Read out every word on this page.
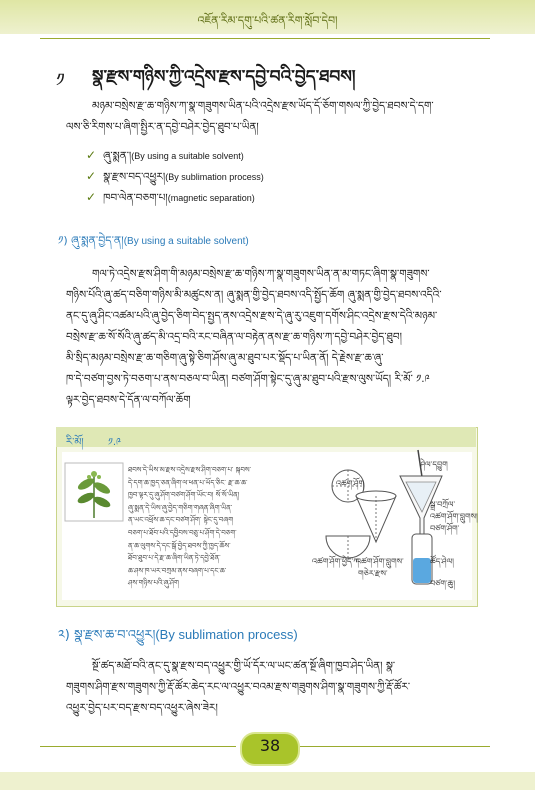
འཇོན་རིམ་དགུ་པའི་ཚན་རིག་སློབ་དེབ།
༡ སྣ་རྫས་གཉིས་ཀྱི་འདྲེས་རྫས་དབྱེ་བའི་བྱེད་ཐབས།

མཉམ་བསྲེས་རྫ་ཆ་གཉིས་ཀ་སྣ་གཟུགས་ཡིན་པའི་འདྲེས་རྫས་ཡོད་དོ་ཅོག་གསལ་ཀྱི་བྱེད་ཐབས་དེ་དག་

ལས་ཅི་རིགས་པ་ཞིག་སྤྱིར་ན་དབྱེ་བཤེར་བྱེད་ཐུབ་པ་ཡིན།

✓ ཞུ་སྨན་།(By using a suitable solvent)
✓ སྣ་རྫས་བད་འཕྱུར།(By sublimation process)
✓ ཁབ་ལེན་བཅག་པ།(magnetic separation)
༡) ཞུ་སྨན་བྱེད་ན།(By using a suitable solvent)

གལ་ཏེ་འདྲེས་རྫས་ཤིག་གི་མཉམ་བསྲེས་རྫ་ཆ་གཉིས་ཀ་སྣ་གཟུགས་ཡིན་ན་མ་གཏང་ཞིག་སྣ་གཟུགས་

གཉིས་པོའི་ཞུ་ཚད་བཅིག་གཉིས་མི་མཚུངས་ན། ཞུ་སྨན་གྱི་བྱེད་ཐབས་འདི་སྤྱོད་ཆོག ཞུ་སྨན་གྱི་བྱེད་ཐབས་འདིའི་

ནང་དུ་ཞུ་ཤིང་འཚམ་པའི་ཞུ་བྱེད་ཅིག་བེད་སྤྱད་ནས་འདྲེས་རྫས་དེ་ཞུ་རུ་འཇུག་དགོས་ཤིང་འདྲེས་རྫས་དེའི་མཉམ་

བསྲེས་རྫ་ཆ་སོ་སོའི་ཞུ་ཚད་མི་འདྲ་བའི་རང་བཞིན་ལ་བརྟེན་ནས་རྫ་ཆ་གཉིས་ཀ་དབྱེ་བཤེར་བྱེད་ཐུབ།

མི་སྲིད་མཉམ་བསྲེས་རྫ་ཆ་གཅིག་ཞུ་སྟེ་ཅིག་ཤོས་ཞུ་མ་ཐུབ་པར་སྡོད་པ་ཡིན་ནོ། དེ་རྗེས་རྫ་ཆ་ཞུ་

ཁ་དེ་བཙག་བྱས་ཏེ་བཅག་པ་ནས་བཅལ་བ་ཡིན། བཙག་ཤོག་སྟེང་དུ་ཞུ་མ་ཐུབ་པའི་རྫས་ལུས་ཡོད། རི་མོ་ ༡.༩

ལྟར་བྱེད་ཐབས་དེ་དོན་ལ་བཀོལ་ཆོག

རི་མོ། ༡.༩
ཐབས་དེ་ཡིས་མ་རྫས་འདྲེས་རྫས་ཤིག་བཅག་པ་ སྐབས་
དེ་དག་ཆ་ཁྱད་ཅན་ཞིག་ལ་ཕན་པ་ཡོད་ཅིང་ རྫ་ཆ་ཆ་
ཁྱབ་ལྟར་དུ་ཞུ་ཤོག་བཙག་ཤོག་ཡོང་བ། སོ་སོ་ཡིན།
ཞུ་སྨན་དེ་ཡིས་ཞུ་བྱེད་གཅིག་གཞན་ཞིག་ཡིན་
ན་ཡང་འཕྲོས་ཆ་དང་བཙག་ཤོག་ སྟེང་དུ་བཞག
བཅག་པ་ཐོབ་པའི་དབྱིབས་བཅུ་པ་ཤོག་དེ་བཅག་
ན་ཆ་ལུགས་དེ་དང་སྒོ་བྱེད་ཐབས་ཀྱི་ཁྱད་ཆོས་
ཐོབ་ཐུབ་པ་དེ་རྫ་ཆ་ཞིག་ཡིན་ཏེ་དབྱེ་ཐོན་
ཆ་ཤས་ཁ་ཡར་བཀྲམ་ནས་བཞག་པ་དང་ཆ་
ཤས་གཉིས་པའི་ཞུ་ཤོག
འཚག་ཤོག
འཚག་ཤོག་ཕྱེད་ཀ
འཚག་ཤོག་བླུགས་
གཅེར་རྫས་
ཤེལ་དབྱུག
སྒྲ་བཀྲོལ་
འཚག་ཤོག་བླུགས།
བཙག་ཤོག་
ཚོད་ཤེལ།
བཙག་ཆུ།
༢) སྣ་རྫས་ཆ་བ་འཕྱུར།(By sublimation process)

སྔོ་ཚད་མཐོ་བའི་ནང་དུ་སྣ་རྫས་བད་འཕྱུར་གྱི་ཡོ་དོར་ལ་ཡང་ཚན་སྔོ་ཞིག་ཁྱབ་ཤེད་ཡིན། སྣ་

གཟུགས་ཤིག་རྫས་གཟུགས་ཀྱི་རྡོ་ཚོར་ཆེད་རང་ལ་འཕྱུར་བའམ་རྫས་གཟུགས་ཤིག་སྣ་གཟུགས་ཀྱི་རྡོ་ཚོར་

འཕྱུར་བྱེད་པར་བད་རྫས་བད་འཕྱུར་ཞེས་ཟེར།

38
